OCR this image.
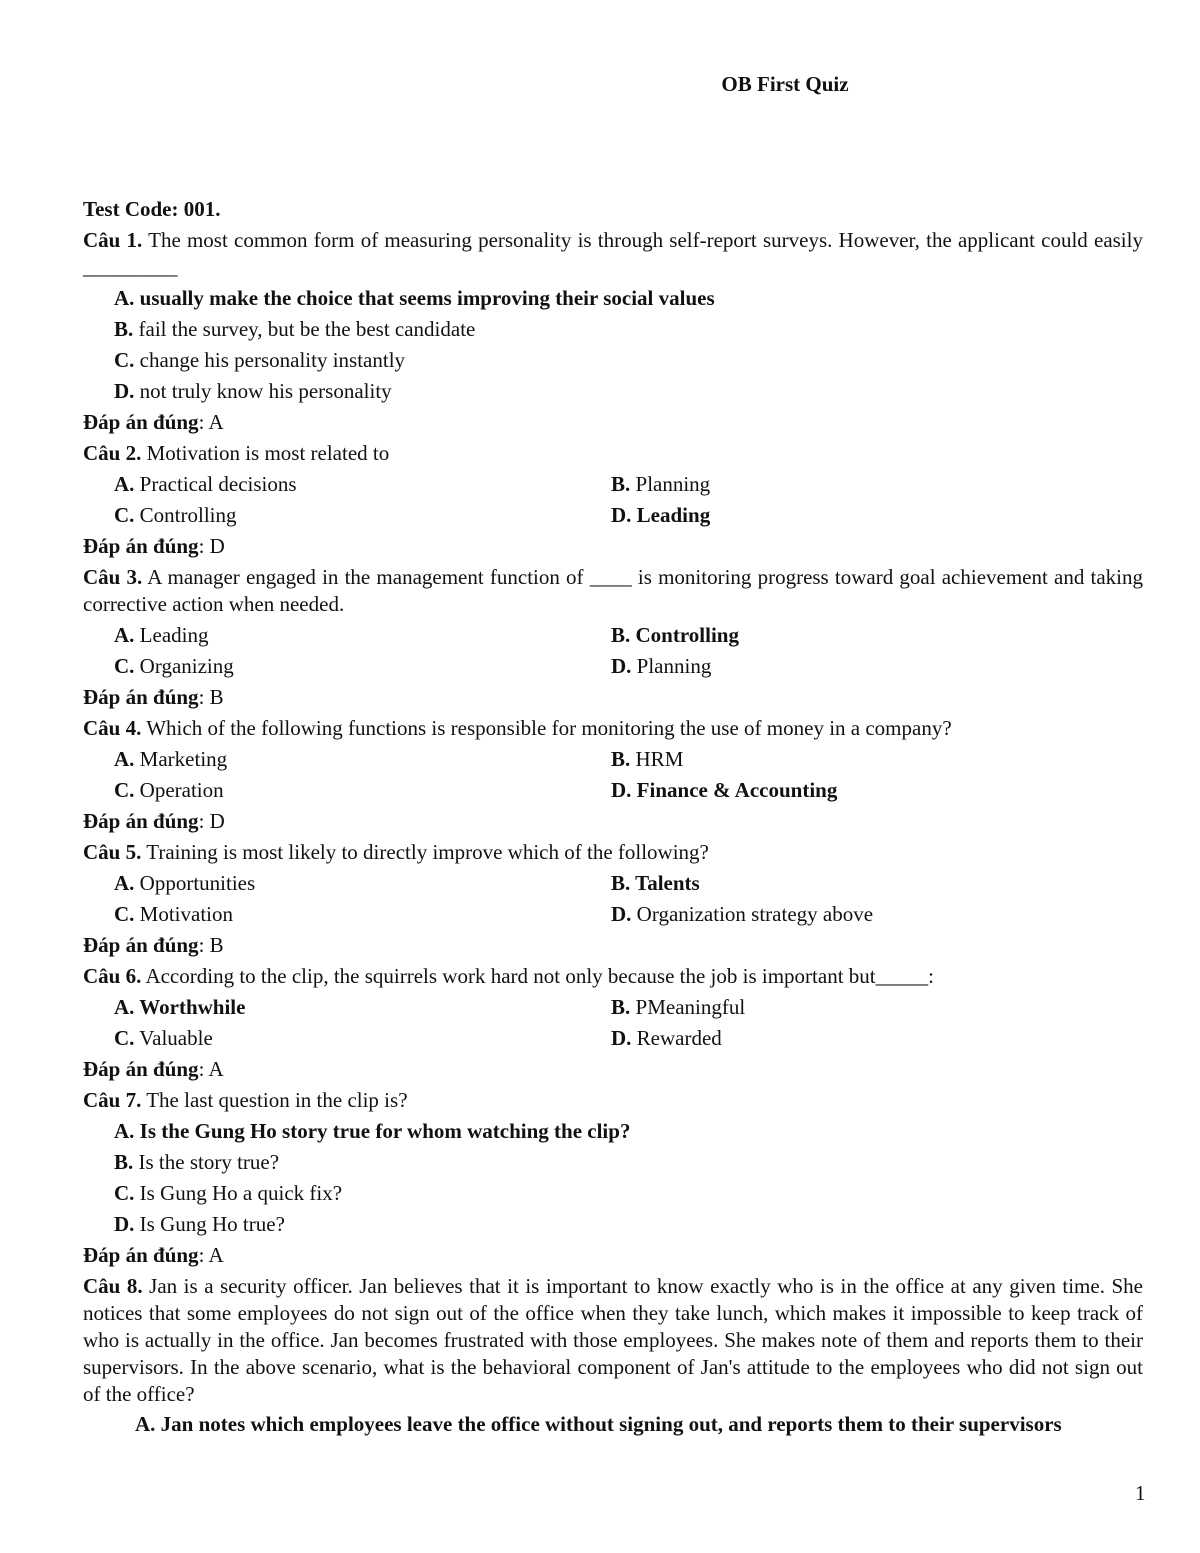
OB First Quiz
Test Code: 001.
Câu 1. The most common form of measuring personality is through self-report surveys. However, the applicant could easily _________
A. usually make the choice that seems improving their social values
B. fail the survey, but be the best candidate
C. change his personality instantly
D. not truly know his personality
Đáp án đúng: A
Câu 2. Motivation is most related to
A. Practical decisions	B. Planning
C. Controlling	D. Leading
Đáp án đúng: D
Câu 3. A manager engaged in the management function of ____ is monitoring progress toward goal achievement and taking corrective action when needed.
A. Leading	B. Controlling
C. Organizing	D. Planning
Đáp án đúng: B
Câu 4. Which of the following functions is responsible for monitoring the use of money in a company?
A. Marketing	B. HRM
C. Operation	D. Finance & Accounting
Đáp án đúng: D
Câu 5. Training is most likely to directly improve which of the following?
A. Opportunities	B. Talents
C. Motivation	D. Organization strategy above
Đáp án đúng: B
Câu 6. According to the clip, the squirrels work hard not only because the job is important but_____:
A. Worthwhile	B. PMeaningful
C. Valuable	D. Rewarded
Đáp án đúng: A
Câu 7. The last question in the clip is?
A. Is the Gung Ho story true for whom watching the clip?
B. Is the story true?
C. Is Gung Ho a quick fix?
D. Is Gung Ho true?
Đáp án đúng: A
Câu 8. Jan is a security officer. Jan believes that it is important to know exactly who is in the office at any given time. She notices that some employees do not sign out of the office when they take lunch, which makes it impossible to keep track of who is actually in the office. Jan becomes frustrated with those employees. She makes note of them and reports them to their supervisors. In the above scenario, what is the behavioral component of Jan's attitude to the employees who did not sign out of the office?
A. Jan notes which employees leave the office without signing out, and reports them to their supervisors
1
